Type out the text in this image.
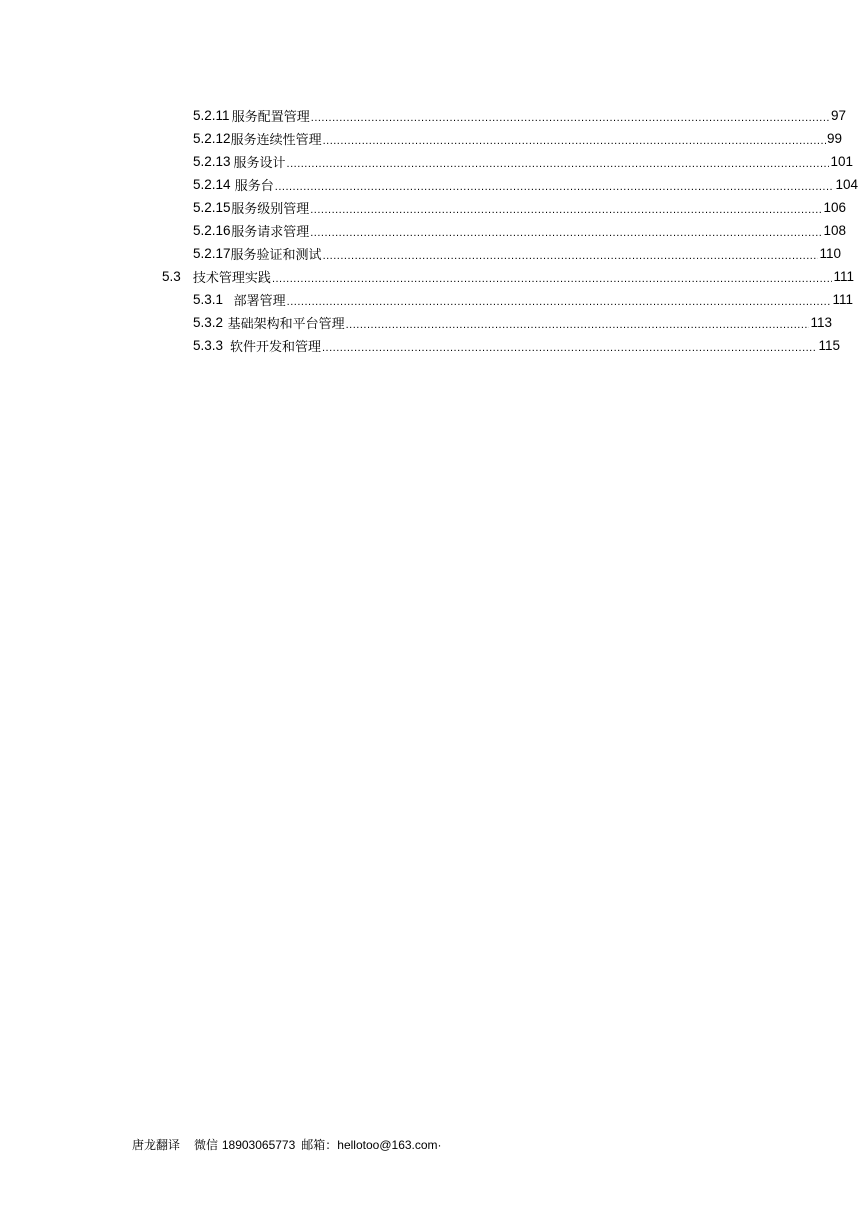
5.2.11 服务配置管理 .....	97
5.2.12 服务连续性管理 .....	99
5.2.13 服务设计 .....	101
5.2.14 服务台 .....	104
5.2.15 服务级别管理 .....	106
5.2.16 服务请求管理 .....	108
5.2.17 服务验证和测试 .....	110
5.3 技术管理实践 .....	111
5.3.1 部署管理 .....	111
5.3.2 基础架构和平台管理 .....	113
5.3.3 软件开发和管理 .....	115
唐龙翻译 微信 18903065773 邮箱：hellotoo@163.com·
